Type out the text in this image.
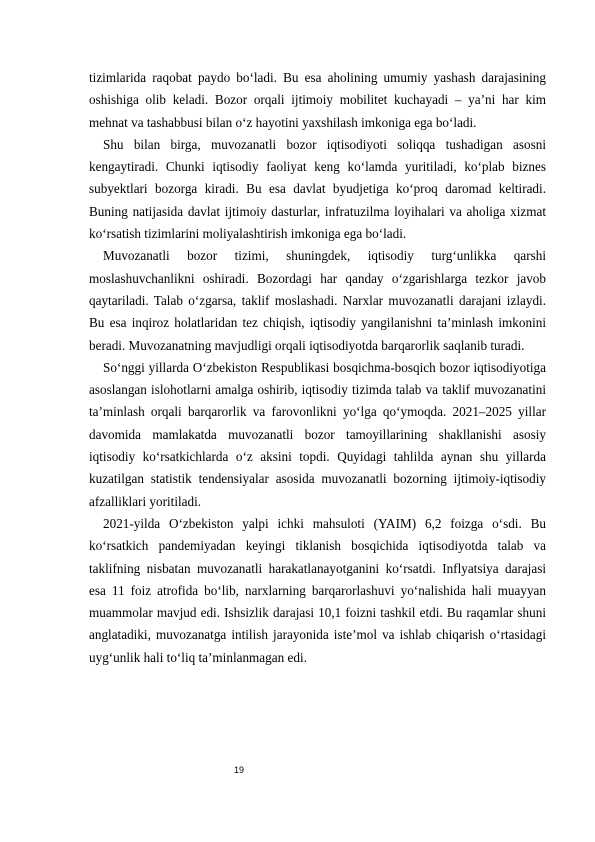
tizimlarida raqobat paydo bo‘ladi. Bu esa aholining umumiy yashash darajasining oshishiga olib keladi. Bozor orqali ijtimoiy mobilitet kuchayadi – ya’ni har kim mehnat va tashabbusi bilan o‘z hayotini yaxshilash imkoniga ega bo‘ladi.

Shu bilan birga, muvozanatli bozor iqtisodiyoti soliqqa tushadigan asosni kengaytiradi. Chunki iqtisodiy faoliyat keng ko‘lamda yuritiladi, ko‘plab biznes subyektlari bozorga kiradi. Bu esa davlat byudjetiga ko‘proq daromad keltiradi. Buning natijasida davlat ijtimoiy dasturlar, infratuzilma loyihalari va aholiga xizmat ko‘rsatish tizimlarini moliyalashtirish imkoniga ega bo‘ladi.

Muvozanatli bozor tizimi, shuningdek, iqtisodiy turg‘unlikka qarshi moslashuvchanlikni oshiradi. Bozordagi har qanday o‘zgarishlarga tezkor javob qaytariladi. Talab o‘zgarsa, taklif moslashadi. Narxlar muvozanatli darajani izlaydi. Bu esa inqiroz holatlaridan tez chiqish, iqtisodiy yangilanishni ta’minlash imkonini beradi. Muvozanatning mavjudligi orqali iqtisodiyotda barqarorlik saqlanib turadi.

So‘nggi yillarda O‘zbekiston Respublikasi bosqichma-bosqich bozor iqtisodiyotiga asoslangan islohotlarni amalga oshirib, iqtisodiy tizimda talab va taklif muvozanatini ta’minlash orqali barqarorlik va farovonlikni yo‘lga qo‘ymoqda. 2021–2025 yillar davomida mamlakatda muvozanatli bozor tamoyillarining shakllanishi asosiy iqtisodiy ko‘rsatkichlarda o‘z aksini topdi. Quyidagi tahlilda aynan shu yillarda kuzatilgan statistik tendensiyalar asosida muvozanatli bozorning ijtimoiy-iqtisodiy afzalliklari yoritiladi.

2021-yilda O‘zbekiston yalpi ichki mahsuloti (YAIM) 6,2 foizga o‘sdi. Bu ko‘rsatkich pandemiyadan keyingi tiklanish bosqichida iqtisodiyotda talab va taklifning nisbatan muvozanatli harakatlanayotganini ko‘rsatdi. Inflyatsiya darajasi esa 11 foiz atrofida bo‘lib, narxlarning barqarorlashuvi yo‘nalishida hali muayyan muammolar mavjud edi. Ishsizlik darajasi 10,1 foizni tashkil etdi. Bu raqamlar shuni anglatadiki, muvozanatga intilish jarayonida iste’mol va ishlab chiqarish o‘rtasidagi uyg‘unlik hali to‘liq ta’minlanmagan edi.

19
